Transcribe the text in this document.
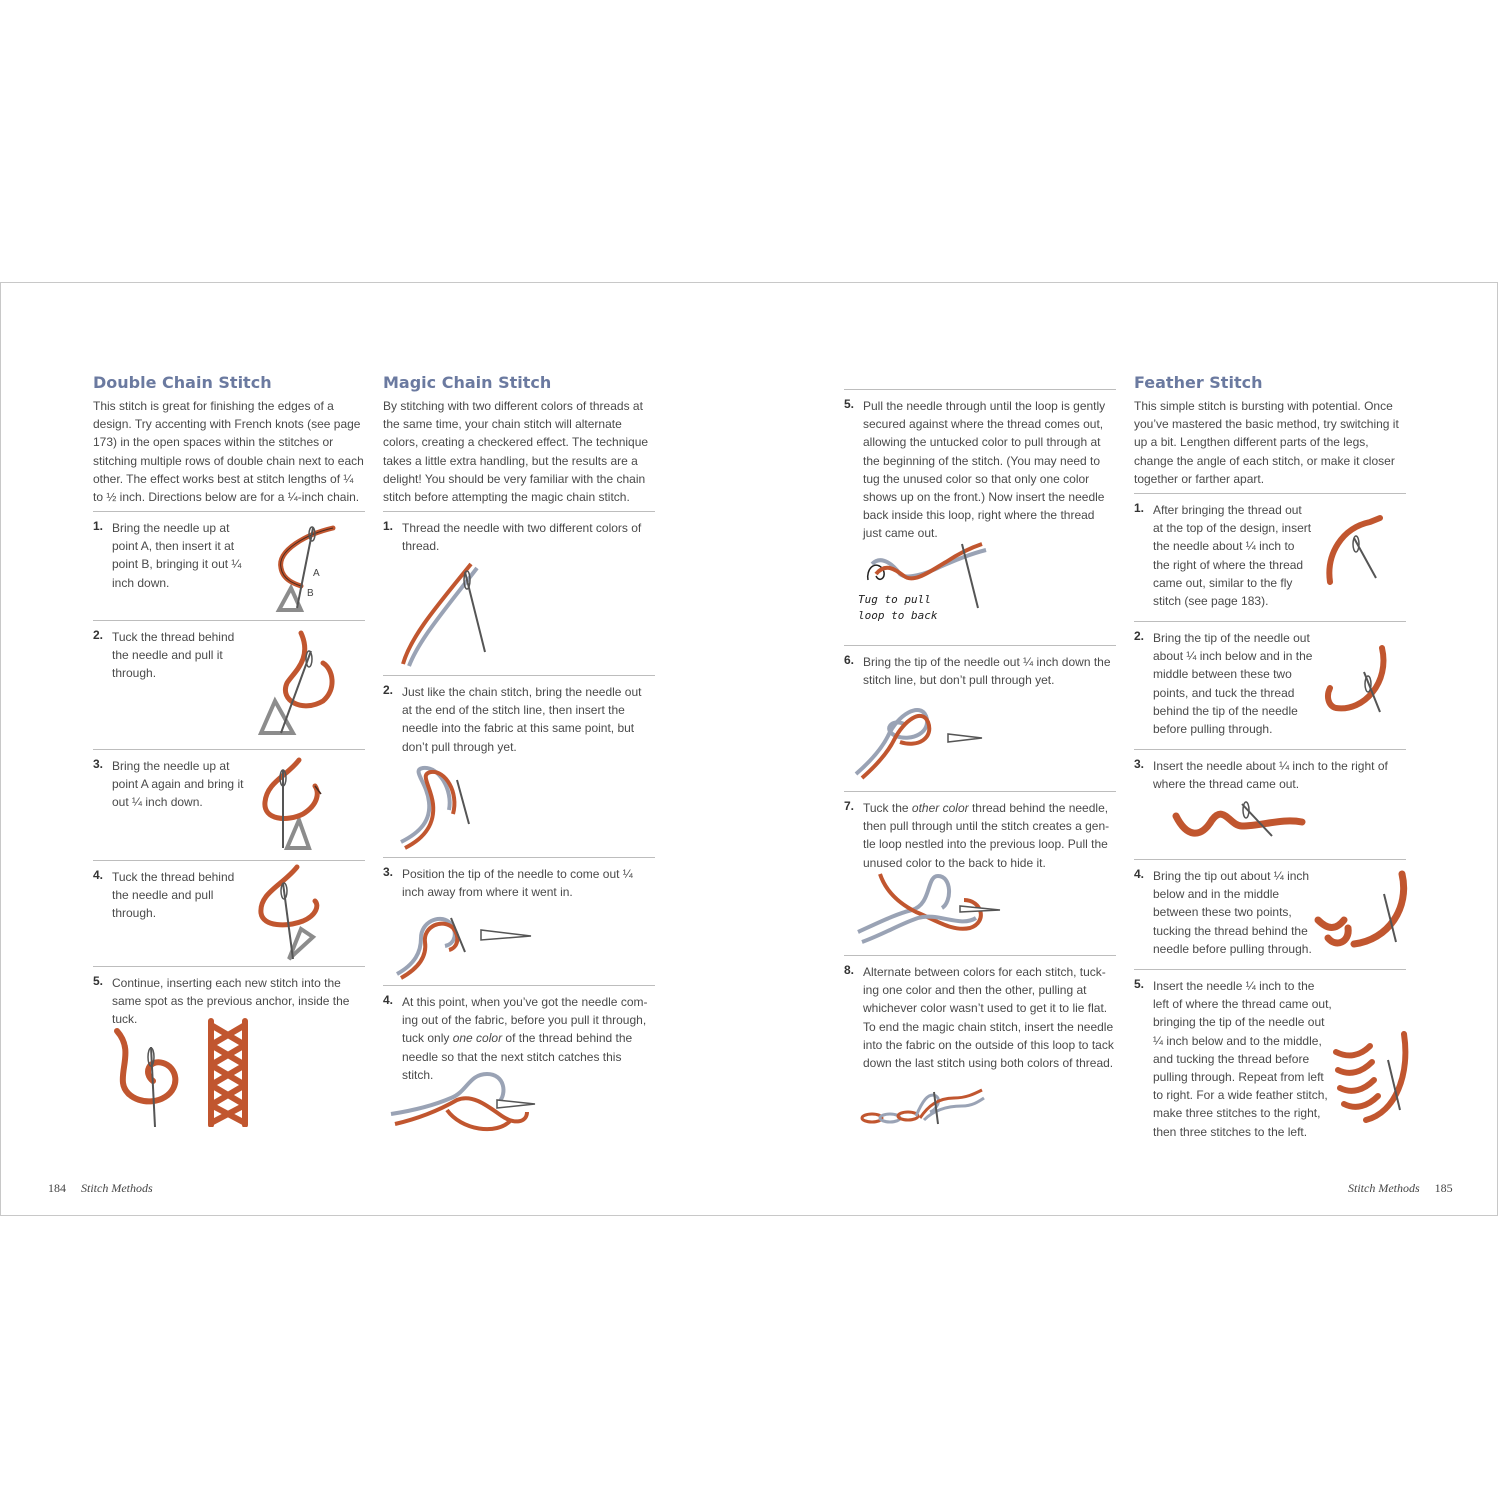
Double Chain Stitch

This stitch is great for finishing the edges of a design. Try accenting with French knots (see page 173) in the open spaces within the stitches or stitching multiple rows of double chain next to each other. The effect works best at stitch lengths of ¼ to ½ inch. Directions below are for a ¼-inch chain.

1. Bring the needle up at point A, then insert it at point B, bringing it out ¼ inch down.
A
B
2. Tuck the thread behind the needle and pull it through.
3. Bring the needle up at point A again and bring it out ¼ inch down.
4. Tuck the thread behind the needle and pull through.
5. Continue, inserting each new stitch into the same spot as the previous anchor, inside the tuck.
Magic Chain Stitch

By stitching with two different colors of threads at the same time, your chain stitch will alternate colors, creating a checkered effect. The technique takes a little extra handling, but the results are a delight! You should be very familiar with the chain stitch before attempting the magic chain stitch.

1. Thread the needle with two different colors of thread.
2. Just like the chain stitch, bring the needle out at the end of the stitch line, then insert the needle into the fabric at this same point, but don’t pull through yet.
3. Position the tip of the needle to come out ¼ inch away from where it went in.
4. At this point, when you’ve got the needle coming out of the fabric, before you pull it through, tuck only one color of the thread behind the needle so that the next stitch catches this stitch.
5. Pull the needle through until the loop is gently secured against where the thread comes out, allowing the untucked color to pull through at the beginning of the stitch. (You may need to tug the unused color so that only one color shows up on the front.) Now insert the needle back inside this loop, right where the thread just came out.
Tug to pull
loop to back
6. Bring the tip of the needle out ¼ inch down the stitch line, but don’t pull through yet.
7. Tuck the other color thread behind the needle, then pull through until the stitch creates a gentle loop nestled into the previous loop. Pull the unused color to the back to hide it.
8. Alternate between colors for each stitch, tucking one color and then the other, pulling at whichever color wasn’t used to get it to lie flat. To end the magic chain stitch, insert the needle into the fabric on the outside of this loop to tack down the last stitch using both colors of thread.
Feather Stitch

This simple stitch is bursting with potential. Once you’ve mastered the basic method, try switching it up a bit. Lengthen different parts of the legs, change the angle of each stitch, or make it closer together or farther apart.

1. After bringing the thread out at the top of the design, insert the needle about ¼ inch to the right of where the thread came out, similar to the fly stitch (see page 183).
2. Bring the tip of the needle out about ¼ inch below and in the middle between these two points, and tuck the thread behind the tip of the needle before pulling through.
3. Insert the needle about ¼ inch to the right of where the thread came out.
4. Bring the tip out about ¼ inch below and in the middle between these two points, tucking the thread behind the needle before pulling through.
5. Insert the needle ¼ inch to the left of where the thread came out, bringing the tip of the needle out ¼ inch below and to the middle, and tucking the thread before pulling through. Repeat from left to right. For a wide feather stitch, make three stitches to the right, then three stitches to the left.
184 Stitch Methods	Stitch Methods 185
